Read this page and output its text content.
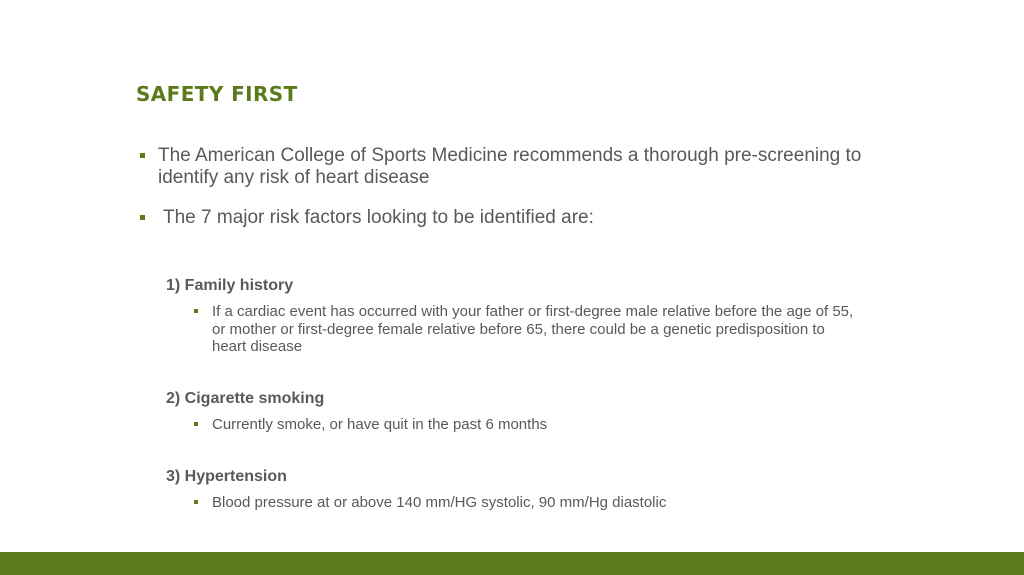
SAFETY FIRST
The American College of Sports Medicine recommends a thorough pre-screening to identify any risk of heart disease
The 7 major risk factors looking to be identified are:
1) Family history
If a cardiac event has occurred with your father or first-degree male relative before the age of 55, or mother or first-degree female relative before 65, there could be a genetic predisposition to heart disease
2) Cigarette smoking
Currently smoke, or have quit in the past 6 months
3) Hypertension
Blood pressure at or above 140 mm/HG systolic, 90 mm/Hg diastolic
